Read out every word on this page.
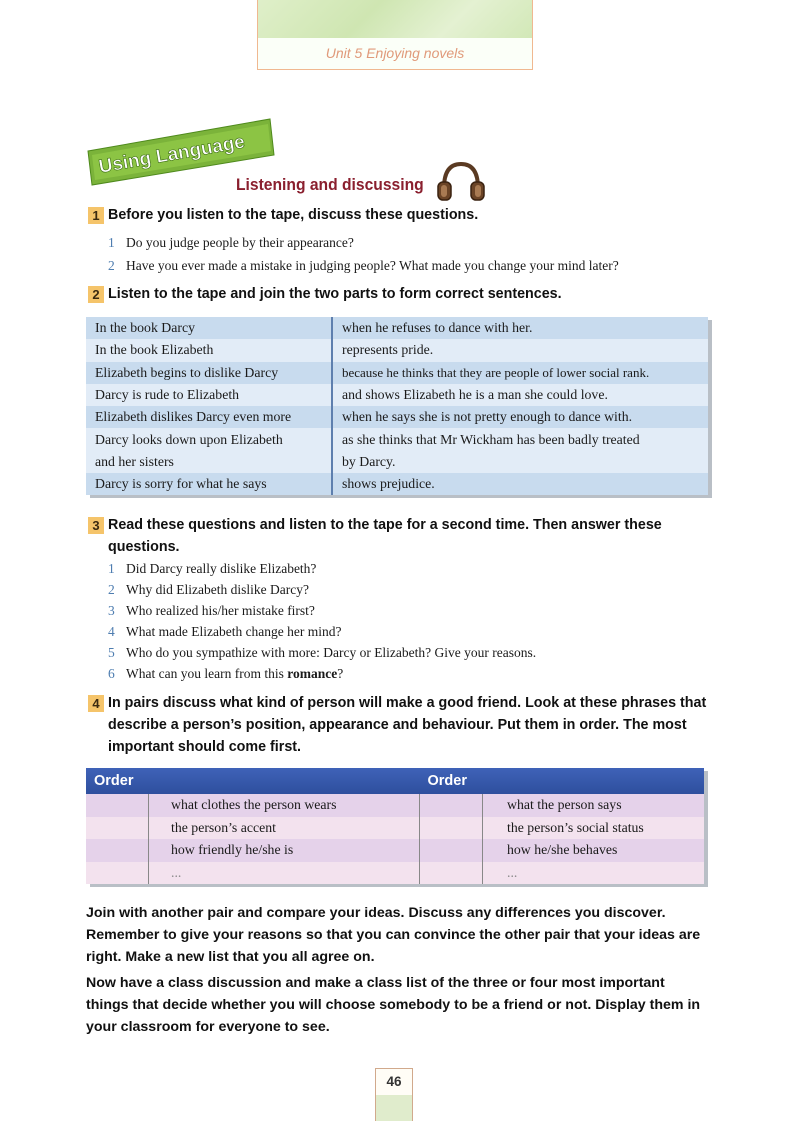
Unit 5 Enjoying novels
Using Language
Listening and discussing
1 Before you listen to the tape, discuss these questions.
1 Do you judge people by their appearance?
2 Have you ever made a mistake in judging people? What made you change your mind later?
2 Listen to the tape and join the two parts to form correct sentences.
In the book Darcy	when he refuses to dance with her.
In the book Elizabeth	represents pride.
Elizabeth begins to dislike Darcy	because he thinks that they are people of lower social rank.
Darcy is rude to Elizabeth	and shows Elizabeth he is a man she could love.
Elizabeth dislikes Darcy even more	when he says she is not pretty enough to dance with.
Darcy looks down upon Elizabeth	as she thinks that Mr Wickham has been badly treated
and her sisters	by Darcy.
Darcy is sorry for what he says	shows prejudice.
3 Read these questions and listen to the tape for a second time. Then answer these questions.
1 Did Darcy really dislike Elizabeth?
2 Why did Elizabeth dislike Darcy?
3 Who realized his/her mistake first?
4 What made Elizabeth change her mind?
5 Who do you sympathize with more: Darcy or Elizabeth? Give your reasons.
6 What can you learn from this romance?
4 In pairs discuss what kind of person will make a good friend. Look at these phrases that describe a person’s position, appearance and behaviour. Put them in order. The most important should come first.
Order		Order	
	what clothes the person wears		what the person says
	the person’s accent		the person’s social status
	how friendly he/she is		how he/she behaves
	...		...
Join with another pair and compare your ideas. Discuss any differences you discover. Remember to give your reasons so that you can convince the other pair that your ideas are right. Make a new list that you all agree on.
Now have a class discussion and make a class list of the three or four most important things that decide whether you will choose somebody to be a friend or not. Display them in your classroom for everyone to see.
46
